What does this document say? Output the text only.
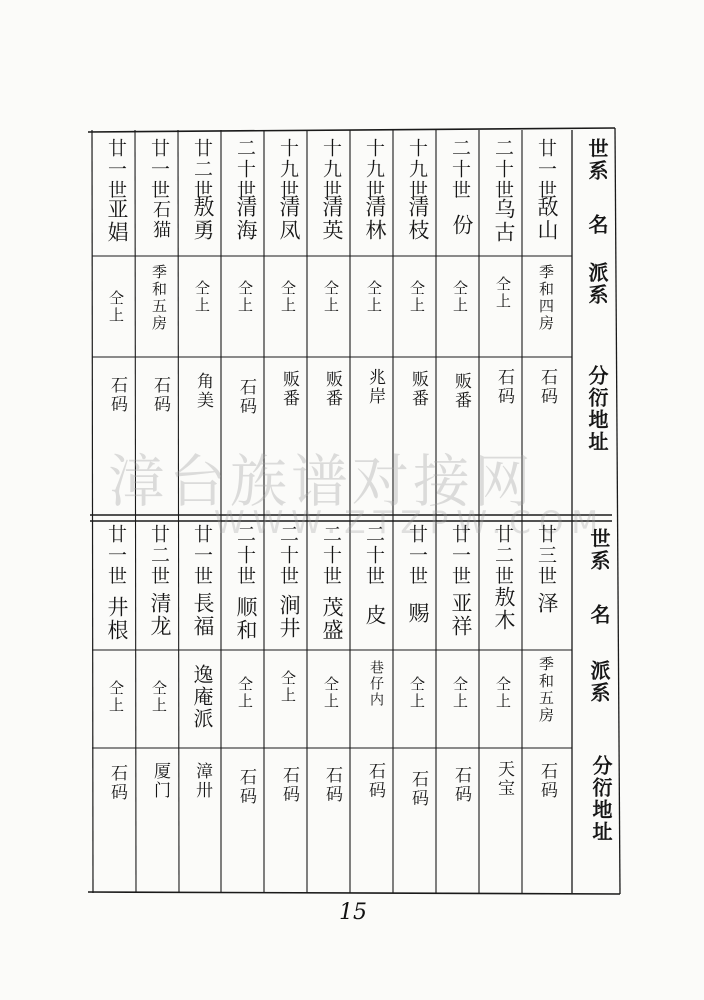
漳台族谱对接网
WWW.ZTZPW.COM
世系
名
派系
分衍地址
世系
名
派系
分衍地址
廿一世
敌山
季和四房
石码
二十世
乌古
仝上
石码
二十世
份
仝上
贩番
十九世
清枝
仝上
贩番
十九世
清林
仝上
兆岸
十九世
清英
仝上
贩番
十九世
清凤
仝上
贩番
二十世
清海
仝上
石码
廿二世
敖勇
仝上
角美
廿一世
石猫
季和五房
石码
廿一世
亚娼
仝上
石码
廿三世
泽
季和五房
石码
廿二世
敖木
仝上
天宝
廿一世
亚祥
仝上
石码
廿一世
赐
仝上
石码
二十世
皮
巷仔内
石码
二十世
茂盛
仝上
石码
二十世
涧井
仝上
石码
二十世
顺和
仝上
石码
廿一世
長福
逸庵派
漳卅
廿二世
清龙
仝上
厦门
廿一世
井根
仝上
石码
15
